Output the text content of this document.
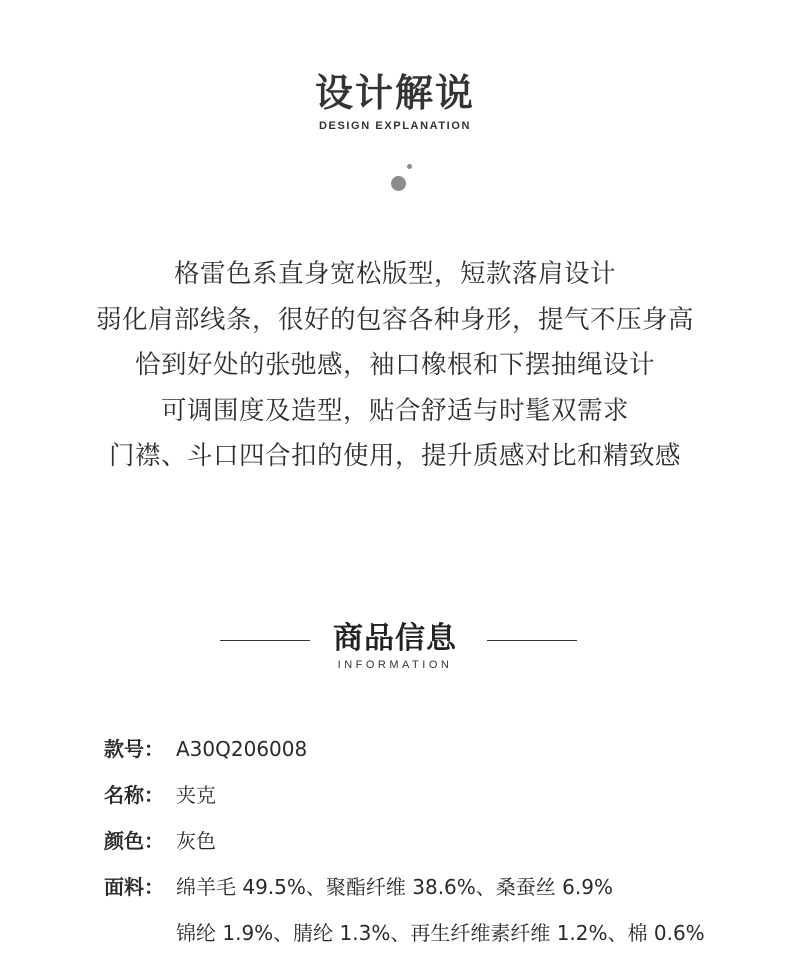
设计解说
DESIGN EXPLANATION
格雷色系直身宽松版型，短款落肩设计
弱化肩部线条，很好的包容各种身形，提气不压身高
恰到好处的张弛感，袖口橡根和下摆抽绳设计
可调围度及造型，贴合舒适与时髦双需求
门襟、斗口四合扣的使用，提升质感对比和精致感
商品信息
INFORMATION
款号： A30Q206008
名称： 夹克
颜色： 灰色
面料： 绵羊毛 49.5%、聚酯纤维 38.6%、桑蚕丝 6.9%
锦纶 1.9%、腈纶 1.3%、再生纤维素纤维 1.2%、棉 0.6%
